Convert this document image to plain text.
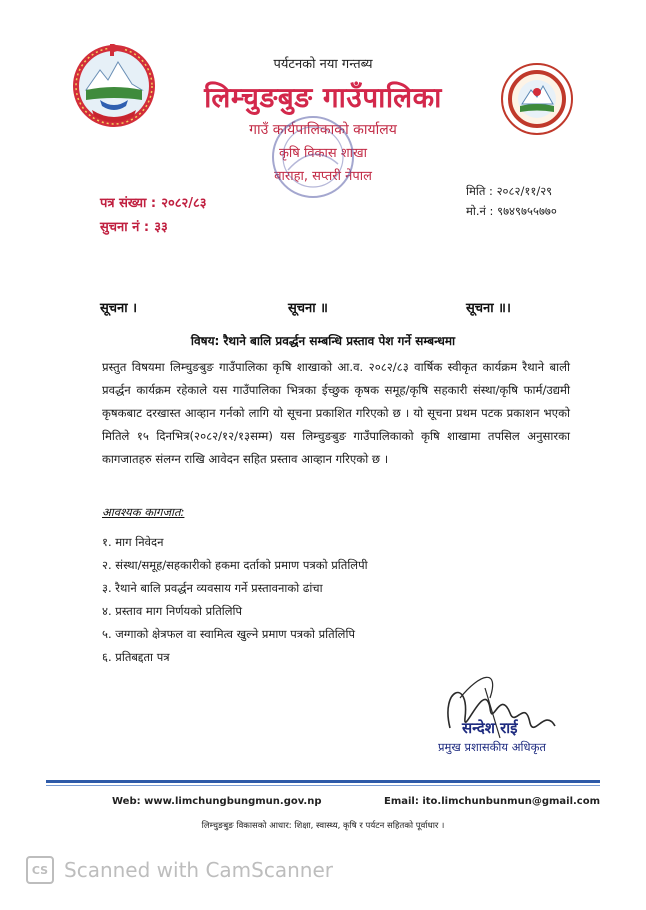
पर्यटनको नया गन्तब्य
लिम्चुङबुङ गाउँपालिका
गाउँ कार्यपालिकाको कार्यालय
कृषि विकास शाखा
बाराहा, सप्तरी नेपाल
पत्र संख्या : २०८२/८३
सुचना नं : ३३
मिति : २०८२/११/२९
मो.नं : ९७४९७५५७७०
सूचना ।	सूचना ॥	सूचना ॥।
विषय: रैथाने बालि प्रवर्द्धन सम्बन्धि प्रस्ताव पेश गर्ने सम्बन्धमा
प्रस्तुत विषयमा लिम्चुङबुङ गाउँपालिका कृषि शाखाको आ.व. २०८२/८३ वार्षिक स्वीकृत कार्यक्रम रैथाने बाली प्रवर्द्धन कार्यक्रम रहेकाले यस गाउँपालिका भित्रका ईच्छुक कृषक समूह/कृषि सहकारी संस्था/कृषि फार्म/उद्यमी कृषकबाट दरखास्त आव्हान गर्नको लागि यो सूचना प्रकाशित गरिएको छ । यो सूचना प्रथम पटक प्रकाशन भएको मितिले १५ दिनभित्र(२०८२/१२/१३सम्म) यस लिम्चुङबुङ गाउँपालिकाको कृषि शाखामा तपसिल अनुसारका कागजातहरु संलग्न राखि आवेदन सहित प्रस्ताव आव्हान गरिएको छ ।
आवश्यक कागजात:
१. माग निवेदन
२. संस्था/समूह/सहकारीको हकमा दर्ताको प्रमाण पत्रको प्रतिलिपी
३. रैथाने बालि प्रवर्द्धन व्यवसाय गर्ने प्रस्तावनाको ढांचा
४. प्रस्ताव माग निर्णयको प्रतिलिपि
५. जग्गाको क्षेत्रफल वा स्वामित्व खुल्ने प्रमाण पत्रको प्रतिलिपि
६. प्रतिबद्दता पत्र
सन्देश राई
प्रमुख प्रशासकीय अधिकृत
Web: www.limchungbungmun.gov.np	Email: ito.limchunbunmun@gmail.com
लिम्चुङबुङ विकासको आधार: शिक्षा, स्वास्थ्य, कृषि र पर्यटन सहितको पूर्वाधार ।
CS Scanned with CamScanner
